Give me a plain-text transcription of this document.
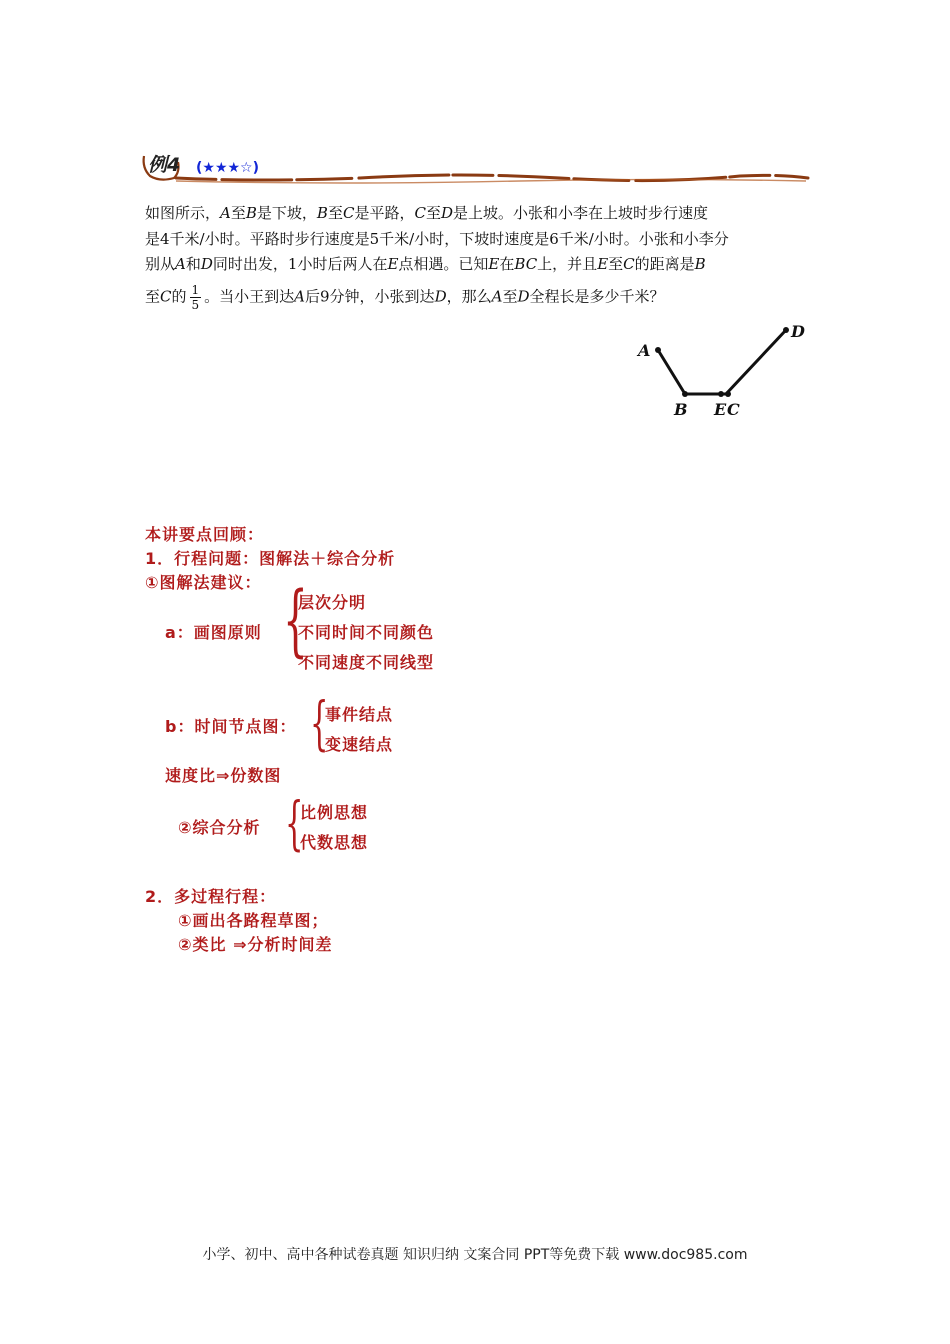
例4 (★★★☆)
如图所示，A至B是下坡，B至C是平路，C至D是上坡。小张和小李在上坡时步行速度
是4千米/小时。平路时步行速度是5千米/小时，下坡时速度是6千米/小时。小张和小李分
别从A和D同时出发，1小时后两人在E点相遇。已知E在BC上，并且E至C的距离是B
至C的 $\frac{1}{5}$ 。当小王到达A后9分钟，小张到达D，那么A至D全程长是多少千米？
A
B E C
D
本讲要点回顾：
1．行程问题：图解法＋综合分析
①图解法建议：
a：画图原则 {
层次分明
不同时间不同颜色
不同速度不同线型
b：时间节点图： {
事件结点
变速结点
速度比⇒份数图
②综合分析 {
比例思想
代数思想
2．多过程行程：
①画出各路程草图；
②类比 ⇒分析时间差
小学、初中、高中各种试卷真题 知识归纳 文案合同 PPT等免费下载 www.doc985.com
